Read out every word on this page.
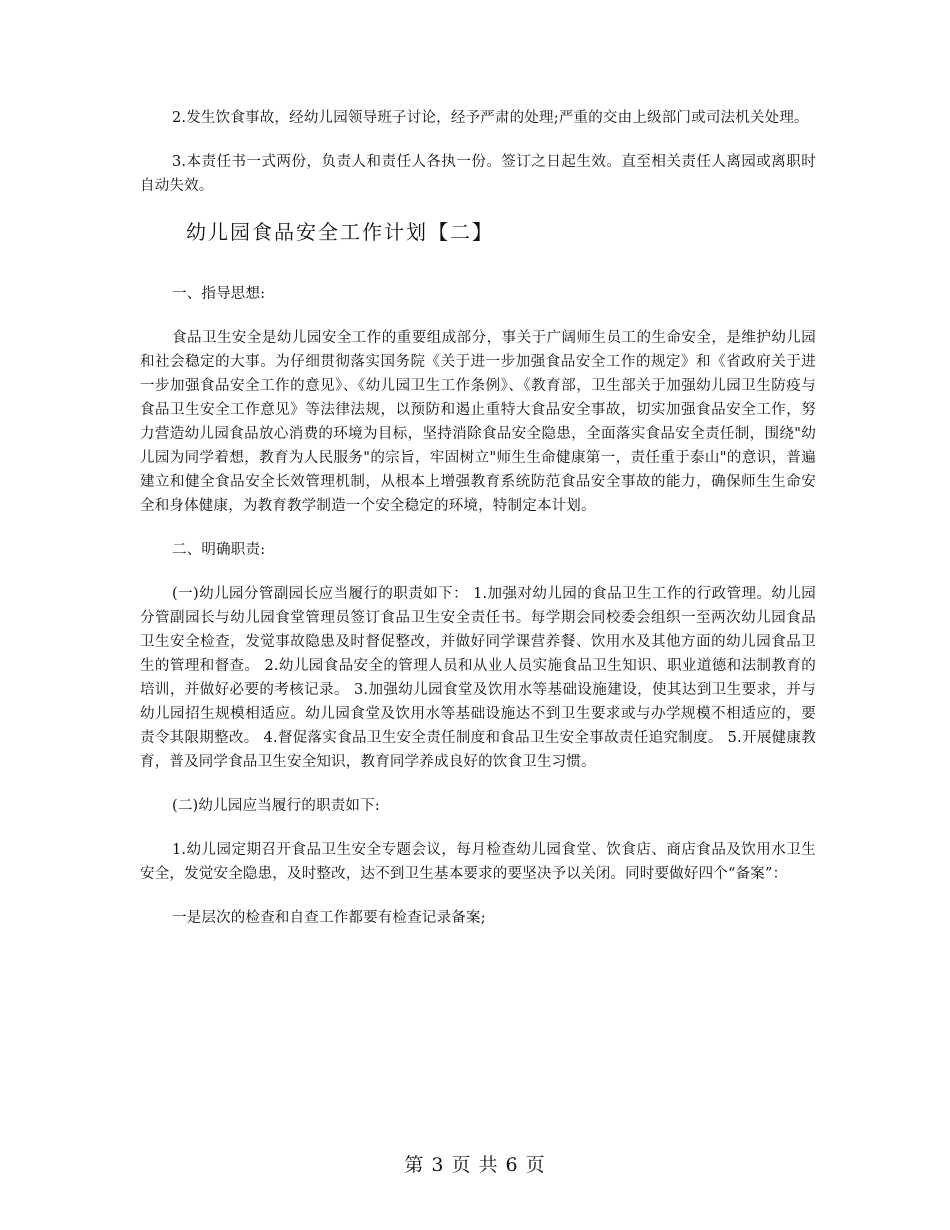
2.发生饮食事故，经幼儿园领导班子讨论，经予严肃的处理;严重的交由上级部门或司法机关处理。

3.本责任书一式两份，负责人和责任人各执一份。签订之日起生效。直至相关责任人离园或离职时自动失效。

幼儿园食品安全工作计划【二】

一、指导思想:

食品卫生安全是幼儿园安全工作的重要组成部分，事关于广阔师生员工的生命安全，是维护幼儿园和社会稳定的大事。为仔细贯彻落实国务院《关于进一步加强食品安全工作的规定》和《省政府关于进一步加强食品安全工作的意见》、《幼儿园卫生工作条例》、《教育部，卫生部关于加强幼儿园卫生防疫与食品卫生安全工作意见》等法律法规，以预防和遏止重特大食品安全事故，切实加强食品安全工作，努力营造幼儿园食品放心消费的环境为目标，坚持消除食品安全隐患，全面落实食品安全责任制，围绕"幼儿园为同学着想，教育为人民服务"的宗旨，牢固树立"师生生命健康第一，责任重于泰山"的意识，普遍建立和健全食品安全长效管理机制，从根本上增强教育系统防范食品安全事故的能力，确保师生生命安全和身体健康，为教育教学制造一个安全稳定的环境，特制定本计划。

二、明确职责:

(一)幼儿园分管副园长应当履行的职责如下： 1.加强对幼儿园的食品卫生工作的行政管理。幼儿园分管副园长与幼儿园食堂管理员签订食品卫生安全责任书。每学期会同校委会组织一至两次幼儿园食品卫生安全检查，发觉事故隐患及时督促整改，并做好同学课营养餐、饮用水及其他方面的幼儿园食品卫生的管理和督查。 2.幼儿园食品安全的管理人员和从业人员实施食品卫生知识、职业道德和法制教育的培训，并做好必要的考核记录。 3.加强幼儿园食堂及饮用水等基础设施建设，使其达到卫生要求，并与幼儿园招生规模相适应。幼儿园食堂及饮用水等基础设施达不到卫生要求或与办学规模不相适应的，要责令其限期整改。 4.督促落实食品卫生安全责任制度和食品卫生安全事故责任追究制度。 5.开展健康教育，普及同学食品卫生安全知识，教育同学养成良好的饮食卫生习惯。

(二)幼儿园应当履行的职责如下:

1.幼儿园定期召开食品卫生安全专题会议，每月检查幼儿园食堂、饮食店、商店食品及饮用水卫生安全，发觉安全隐患，及时整改，达不到卫生基本要求的要坚决予以关闭。同时要做好四个“备案”：

一是层次的检查和自查工作都要有检查记录备案;

第 3 页 共 6 页
